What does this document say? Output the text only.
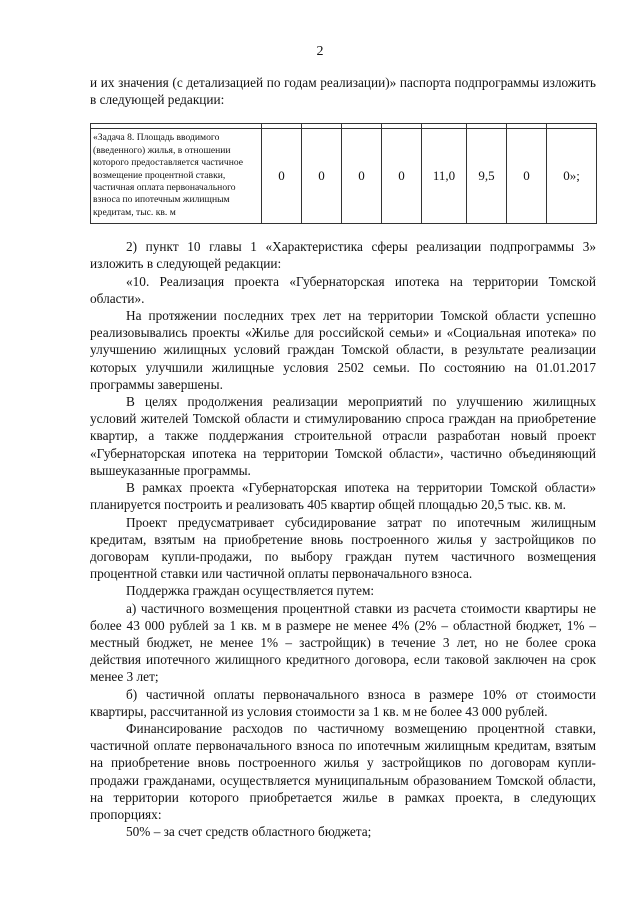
2

и их значения (с детализацией по годам реализации)» паспорта подпрограммы изложить в следующей редакции:

«Задача 8. Площадь вводимого (введенного) жилья, в отношении которого предоставляется частичное возмещение процентной ставки, частичная оплата первоначального взноса по ипотечным жилищным кредитам, тыс. кв. м	0	0	0	0	11,0	9,5	0	0»;

2) пункт 10 главы 1 «Характеристика сферы реализации подпрограммы 3» изложить в следующей редакции:

«10. Реализация проекта «Губернаторская ипотека на территории Томской области».

На протяжении последних трех лет на территории Томской области успешно реализовывались проекты «Жилье для российской семьи» и «Социальная ипотека» по улучшению жилищных условий граждан Томской области, в результате реализации которых улучшили жилищные условия 2502 семьи. По состоянию на 01.01.2017 программы завершены.

В целях продолжения реализации мероприятий по улучшению жилищных условий жителей Томской области и стимулированию спроса граждан на приобретение квартир, а также поддержания строительной отрасли разработан новый проект «Губернаторская ипотека на территории Томской области», частично объединяющий вышеуказанные программы.

В рамках проекта «Губернаторская ипотека на территории Томской области» планируется построить и реализовать 405 квартир общей площадью 20,5 тыс. кв. м.

Проект предусматривает субсидирование затрат по ипотечным жилищным кредитам, взятым на приобретение вновь построенного жилья у застройщиков по договорам купли-продажи, по выбору граждан путем частичного возмещения процентной ставки или частичной оплаты первоначального взноса.

Поддержка граждан осуществляется путем:

а) частичного возмещения процентной ставки из расчета стоимости квартиры не более 43 000 рублей за 1 кв. м в размере не менее 4% (2% – областной бюджет, 1% – местный бюджет, не менее 1% – застройщик) в течение 3 лет, но не более срока действия ипотечного жилищного кредитного договора, если таковой заключен на срок менее 3 лет;

б) частичной оплаты первоначального взноса в размере 10% от стоимости квартиры, рассчитанной из условия стоимости за 1 кв. м не более 43 000 рублей.

Финансирование расходов по частичному возмещению процентной ставки, частичной оплате первоначального взноса по ипотечным жилищным кредитам, взятым на приобретение вновь построенного жилья у застройщиков по договорам купли-продажи гражданами, осуществляется муниципальным образованием Томской области, на территории которого приобретается жилье в рамках проекта, в следующих пропорциях:

50% – за счет средств областного бюджета;
